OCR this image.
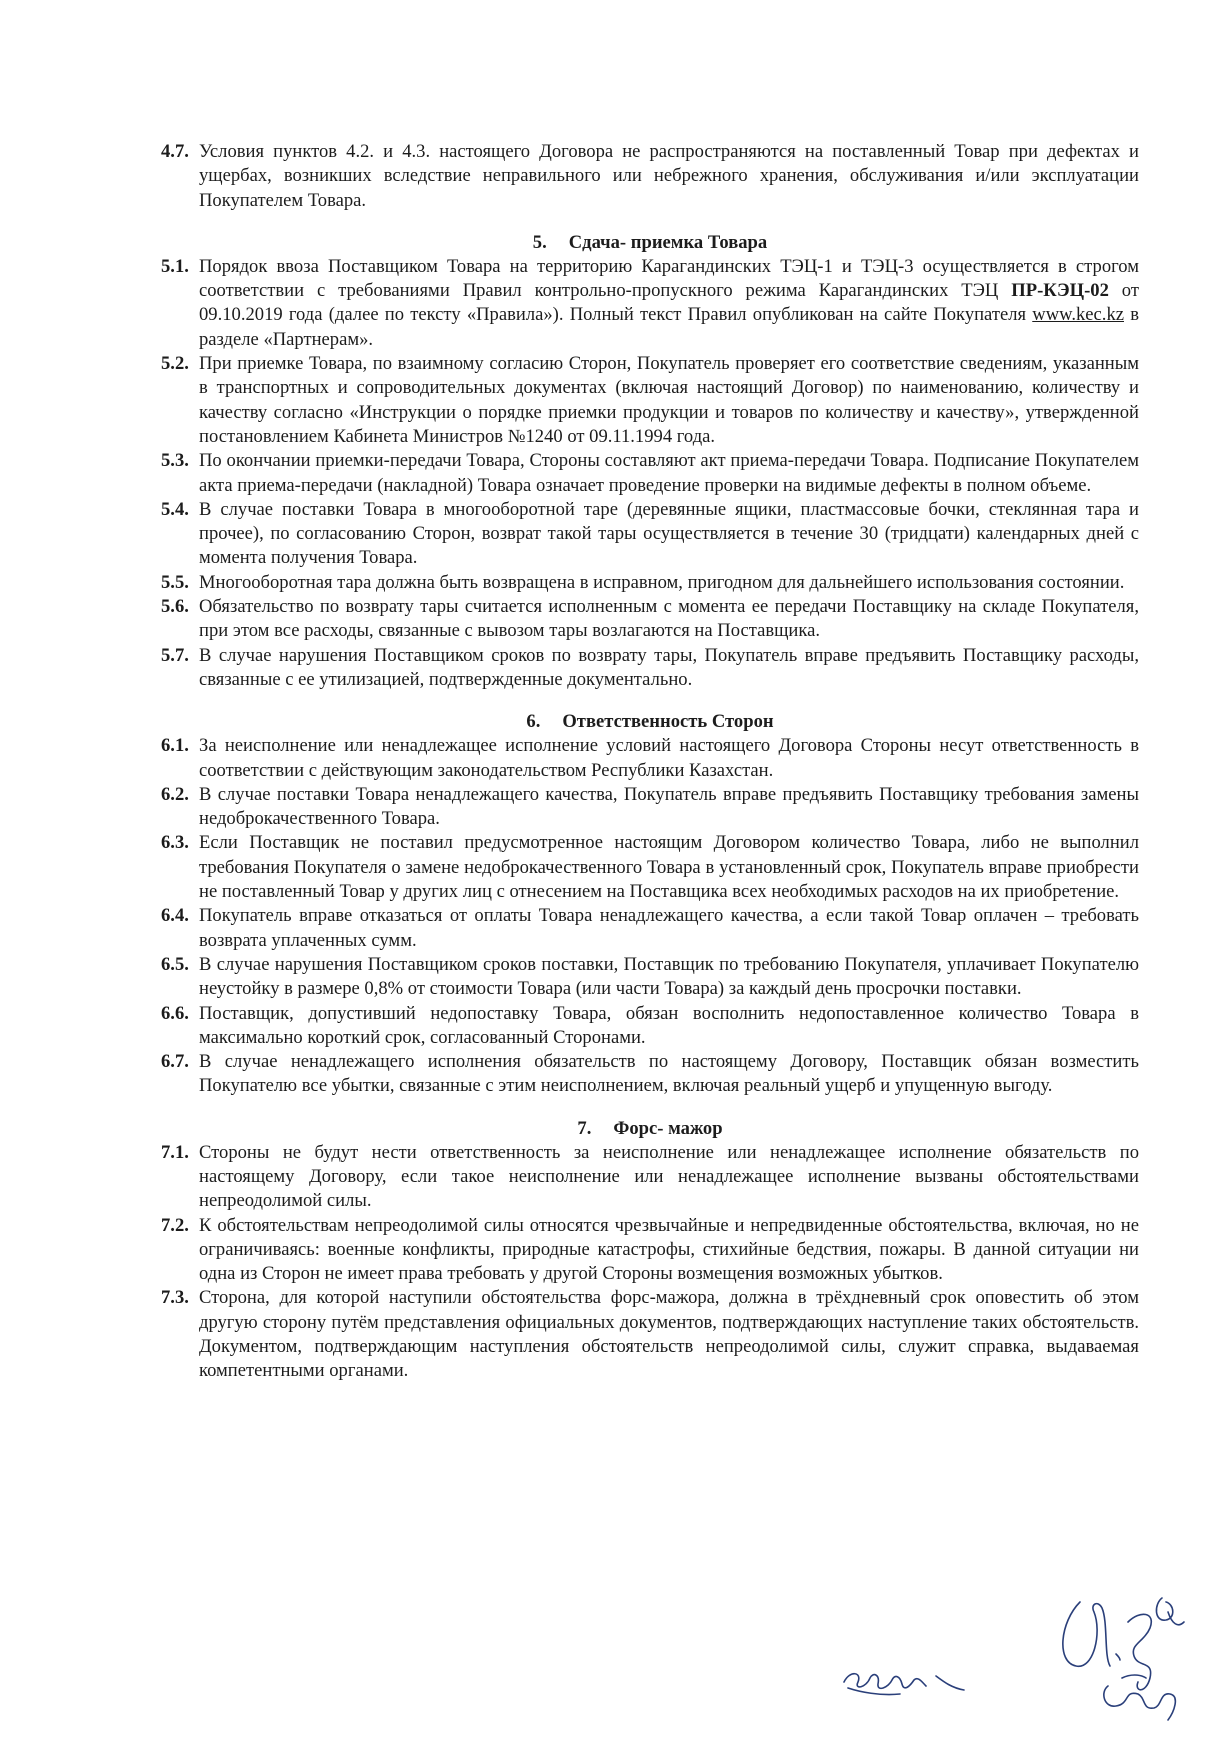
4.7. Условия пунктов 4.2. и 4.3. настоящего Договора не распространяются на поставленный Товар при дефектах и ущербах, возникших вследствие неправильного или небрежного хранения, обслуживания и/или эксплуатации Покупателем Товара.
5. Сдача- приемка Товара
5.1. Порядок ввоза Поставщиком Товара на территорию Карагандинских ТЭЦ-1 и ТЭЦ-3 осуществляется в строгом соответствии с требованиями Правил контрольно-пропускного режима Карагандинских ТЭЦ ПР-КЭЦ-02 от 09.10.2019 года (далее по тексту «Правила»). Полный текст Правил опубликован на сайте Покупателя www.kec.kz в разделе «Партнерам».
5.2. При приемке Товара, по взаимному согласию Сторон, Покупатель проверяет его соответствие сведениям, указанным в транспортных и сопроводительных документах (включая настоящий Договор) по наименованию, количеству и качеству согласно «Инструкции о порядке приемки продукции и товаров по количеству и качеству», утвержденной постановлением Кабинета Министров №1240 от 09.11.1994 года.
5.3. По окончании приемки-передачи Товара, Стороны составляют акт приема-передачи Товара. Подписание Покупателем акта приема-передачи (накладной) Товара означает проведение проверки на видимые дефекты в полном объеме.
5.4. В случае поставки Товара в многооборотной таре (деревянные ящики, пластмассовые бочки, стеклянная тара и прочее), по согласованию Сторон, возврат такой тары осуществляется в течение 30 (тридцати) календарных дней с момента получения Товара.
5.5. Многооборотная тара должна быть возвращена в исправном, пригодном для дальнейшего использования состоянии.
5.6. Обязательство по возврату тары считается исполненным с момента ее передачи Поставщику на складе Покупателя, при этом все расходы, связанные с вывозом тары возлагаются на Поставщика.
5.7. В случае нарушения Поставщиком сроков по возврату тары, Покупатель вправе предъявить Поставщику расходы, связанные с ее утилизацией, подтвержденные документально.
6. Ответственность Сторон
6.1. За неисполнение или ненадлежащее исполнение условий настоящего Договора Стороны несут ответственность в соответствии с действующим законодательством Республики Казахстан.
6.2. В случае поставки Товара ненадлежащего качества, Покупатель вправе предъявить Поставщику требования замены недоброкачественного Товара.
6.3. Если Поставщик не поставил предусмотренное настоящим Договором количество Товара, либо не выполнил требования Покупателя о замене недоброкачественного Товара в установленный срок, Покупатель вправе приобрести не поставленный Товар у других лиц с отнесением на Поставщика всех необходимых расходов на их приобретение.
6.4. Покупатель вправе отказаться от оплаты Товара ненадлежащего качества, а если такой Товар оплачен – требовать возврата уплаченных сумм.
6.5. В случае нарушения Поставщиком сроков поставки, Поставщик по требованию Покупателя, уплачивает Покупателю неустойку в размере 0,8% от стоимости Товара (или части Товара) за каждый день просрочки поставки.
6.6. Поставщик, допустивший недопоставку Товара, обязан восполнить недопоставленное количество Товара в максимально короткий срок, согласованный Сторонами.
6.7. В случае ненадлежащего исполнения обязательств по настоящему Договору, Поставщик обязан возместить Покупателю все убытки, связанные с этим неисполнением, включая реальный ущерб и упущенную выгоду.
7. Форс- мажор
7.1. Стороны не будут нести ответственность за неисполнение или ненадлежащее исполнение обязательств по настоящему Договору, если такое неисполнение или ненадлежащее исполнение вызваны обстоятельствами непреодолимой силы.
7.2. К обстоятельствам непреодолимой силы относятся чрезвычайные и непредвиденные обстоятельства, включая, но не ограничиваясь: военные конфликты, природные катастрофы, стихийные бедствия, пожары. В данной ситуации ни одна из Сторон не имеет права требовать у другой Стороны возмещения возможных убытков.
7.3. Сторона, для которой наступили обстоятельства форс-мажора, должна в трёхдневный срок оповестить об этом другую сторону путём представления официальных документов, подтверждающих наступление таких обстоятельств. Документом, подтверждающим наступления обстоятельств непреодолимой силы, служит справка, выдаваемая компетентными органами.
